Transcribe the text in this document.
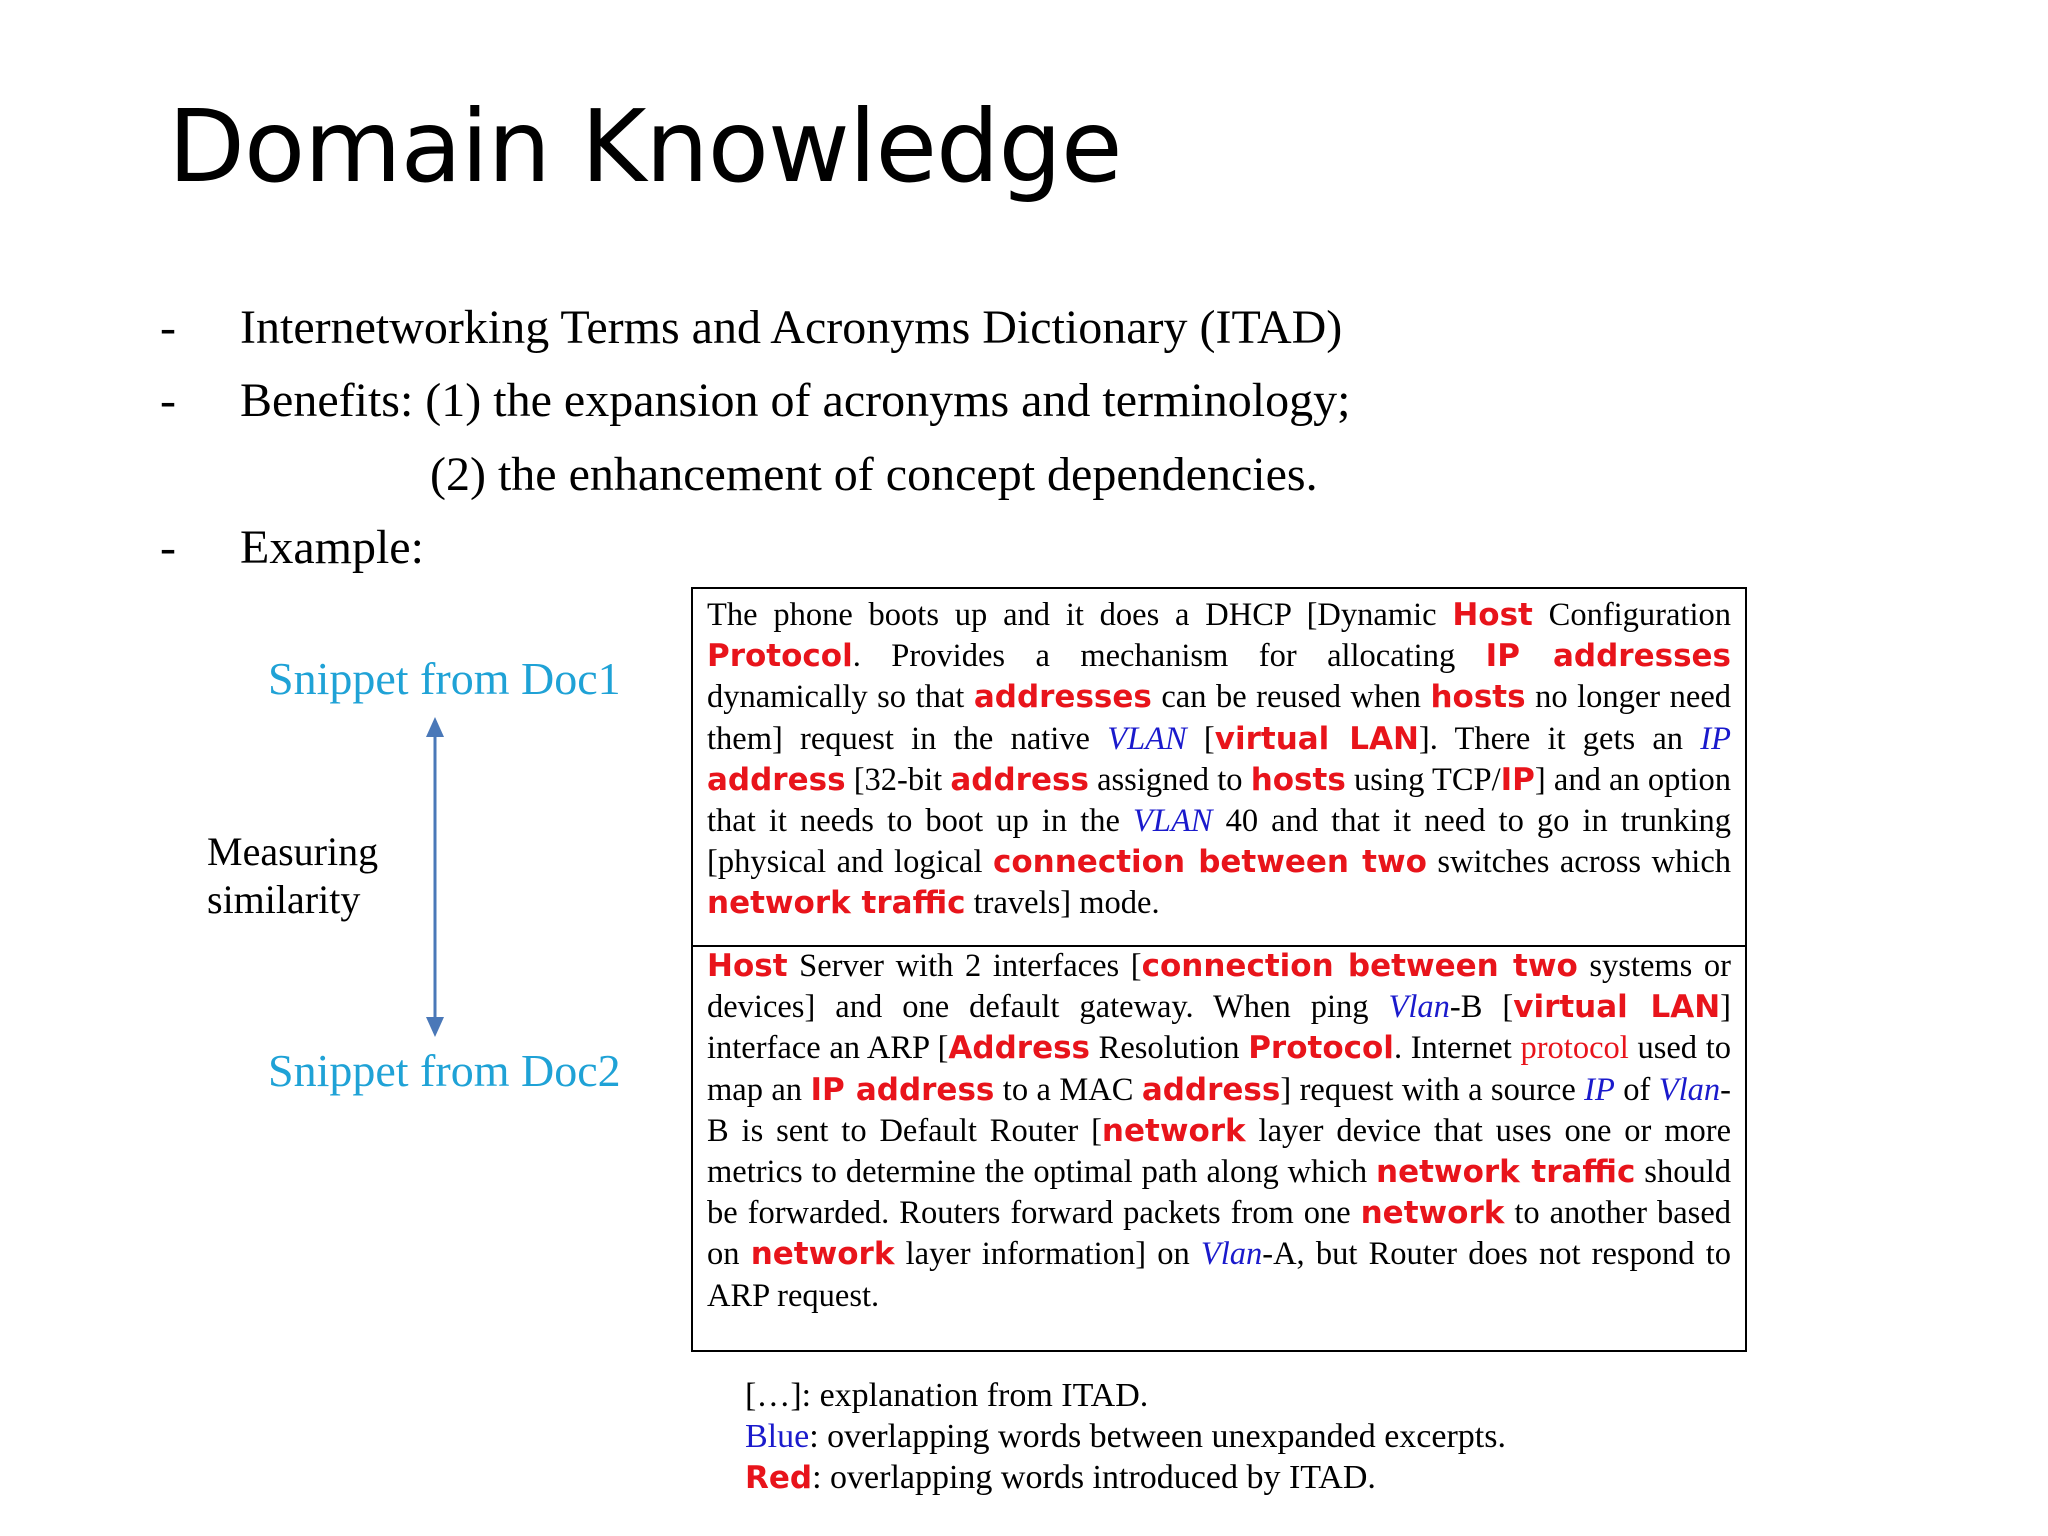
Domain Knowledge
- Internetworking Terms and Acronyms Dictionary (ITAD)
- Benefits: (1) the expansion of acronyms and terminology;
(2) the enhancement of concept dependencies.
- Example:
Snippet from Doc1
Snippet from Doc2
Measuring
similarity
The phone boots up and it does a DHCP [Dynamic Host Configuration Protocol. Provides a mechanism for allocating IP addresses dynamically so that addresses can be reused when hosts no longer need them] request in the native VLAN [virtual LAN]. There it gets an IP address [32-bit address assigned to hosts using TCP/IP] and an option that it needs to boot up in the VLAN 40 and that it need to go in trunking [physical and logical connection between two switches across which network traffic travels] mode.
Host Server with 2 interfaces [connection between two systems or devices] and one default gateway. When ping Vlan-B [virtual LAN] interface an ARP [Address Resolution Protocol. Internet protocol used to map an IP address to a MAC address] request with a source IP of Vlan-B is sent to Default Router [network layer device that uses one or more metrics to determine the optimal path along which network traffic should be forwarded. Routers forward packets from one network to another based on network layer information] on Vlan-A, but Router does not respond to ARP request.
[…]: explanation from ITAD.
Blue: overlapping words between unexpanded excerpts.
Red: overlapping words introduced by ITAD.
